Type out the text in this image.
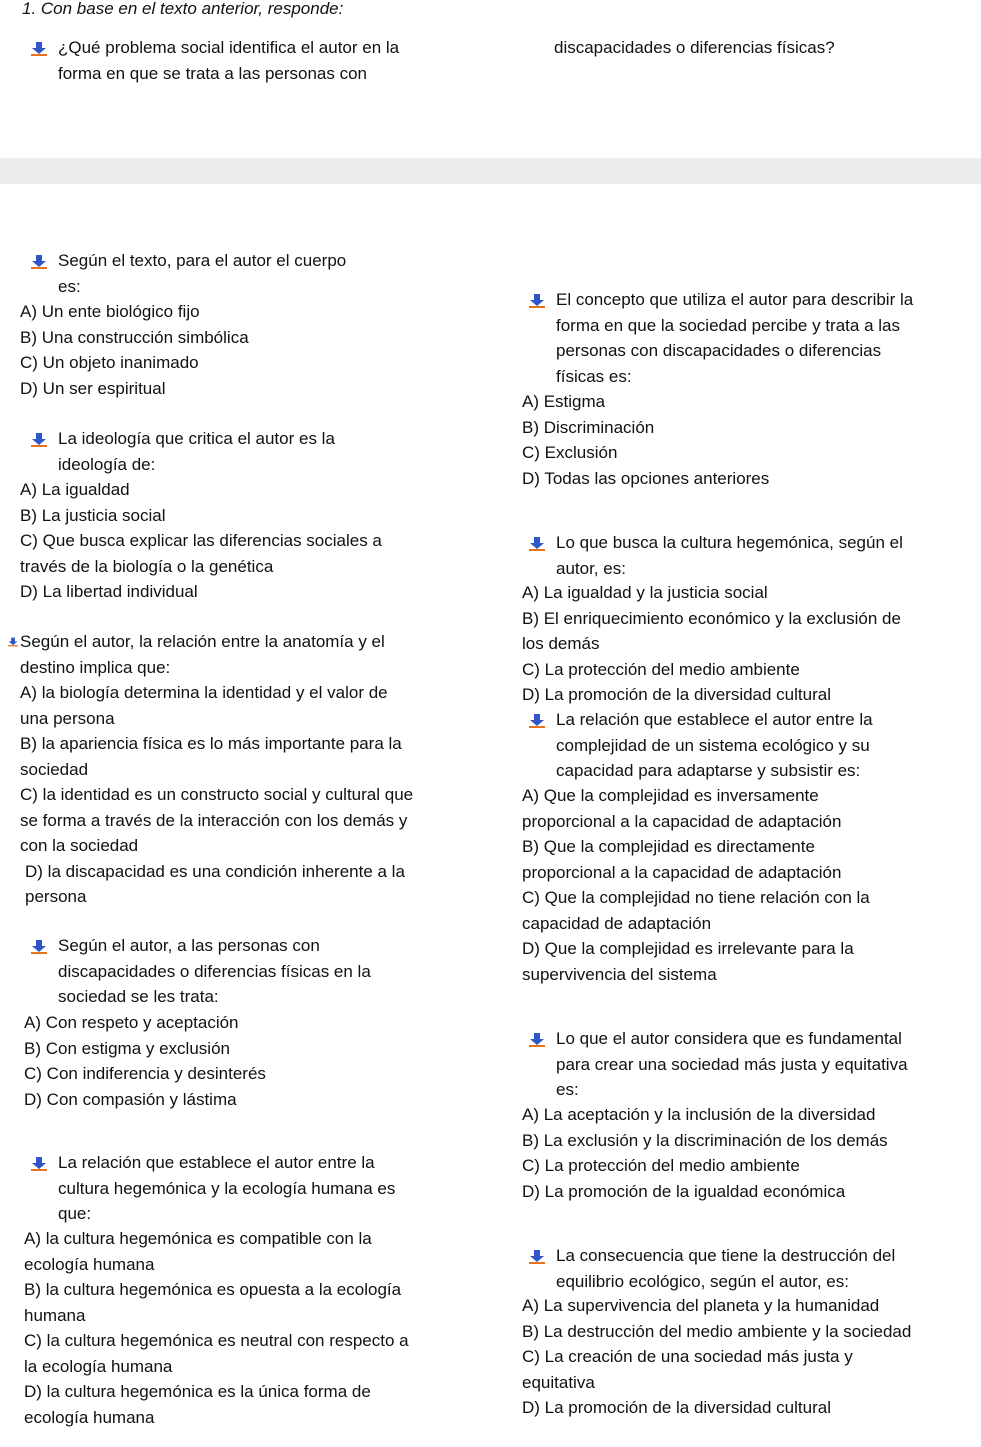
1. Con base en el texto anterior, responde:
¿Qué problema social identifica el autor en la	discapacidades o diferencias físicas?
forma en que se trata a las personas con
Según el texto, para el autor el cuerpo
es:
A) Un ente biológico fijo
B) Una construcción simbólica
C) Un objeto inanimado
D) Un ser espiritual
La ideología que critica el autor es la
ideología de:
A) La igualdad
B) La justicia social
C) Que busca explicar las diferencias sociales a
través de la biología o la genética
D) La libertad individual
Según el autor, la relación entre la anatomía y el
destino implica que:
A) la biología determina la identidad y el valor de
una persona
B) la apariencia física es lo más importante para la
sociedad
C) la identidad es un constructo social y cultural que
se forma a través de la interacción con los demás y
con la sociedad
D) la discapacidad es una condición inherente a la
persona
Según el autor, a las personas con
discapacidades o diferencias físicas en la
sociedad se les trata:
A) Con respeto y aceptación
B) Con estigma y exclusión
C) Con indiferencia y desinterés
D) Con compasión y lástima
La relación que establece el autor entre la
cultura hegemónica y la ecología humana es
que:
A) la cultura hegemónica es compatible con la
ecología humana
B) la cultura hegemónica es opuesta a la ecología
humana
C) la cultura hegemónica es neutral con respecto a
la ecología humana
D) la cultura hegemónica es la única forma de
ecología humana
El concepto que utiliza el autor para describir la
forma en que la sociedad percibe y trata a las
personas con discapacidades o diferencias
físicas es:
A) Estigma
B) Discriminación
C) Exclusión
D) Todas las opciones anteriores
Lo que busca la cultura hegemónica, según el
autor, es:
A) La igualdad y la justicia social
B) El enriquecimiento económico y la exclusión de
los demás
C) La protección del medio ambiente
D) La promoción de la diversidad cultural
La relación que establece el autor entre la
complejidad de un sistema ecológico y su
capacidad para adaptarse y subsistir es:
A) Que la complejidad es inversamente
proporcional a la capacidad de adaptación
B) Que la complejidad es directamente
proporcional a la capacidad de adaptación
C) Que la complejidad no tiene relación con la
capacidad de adaptación
D) Que la complejidad es irrelevante para la
supervivencia del sistema
Lo que el autor considera que es fundamental
para crear una sociedad más justa y equitativa
es:
A) La aceptación y la inclusión de la diversidad
B) La exclusión y la discriminación de los demás
C) La protección del medio ambiente
D) La promoción de la igualdad económica
La consecuencia que tiene la destrucción del
equilibrio ecológico, según el autor, es:
A) La supervivencia del planeta y la humanidad
B) La destrucción del medio ambiente y la sociedad
C) La creación de una sociedad más justa y
equitativa
D) La promoción de la diversidad cultural
